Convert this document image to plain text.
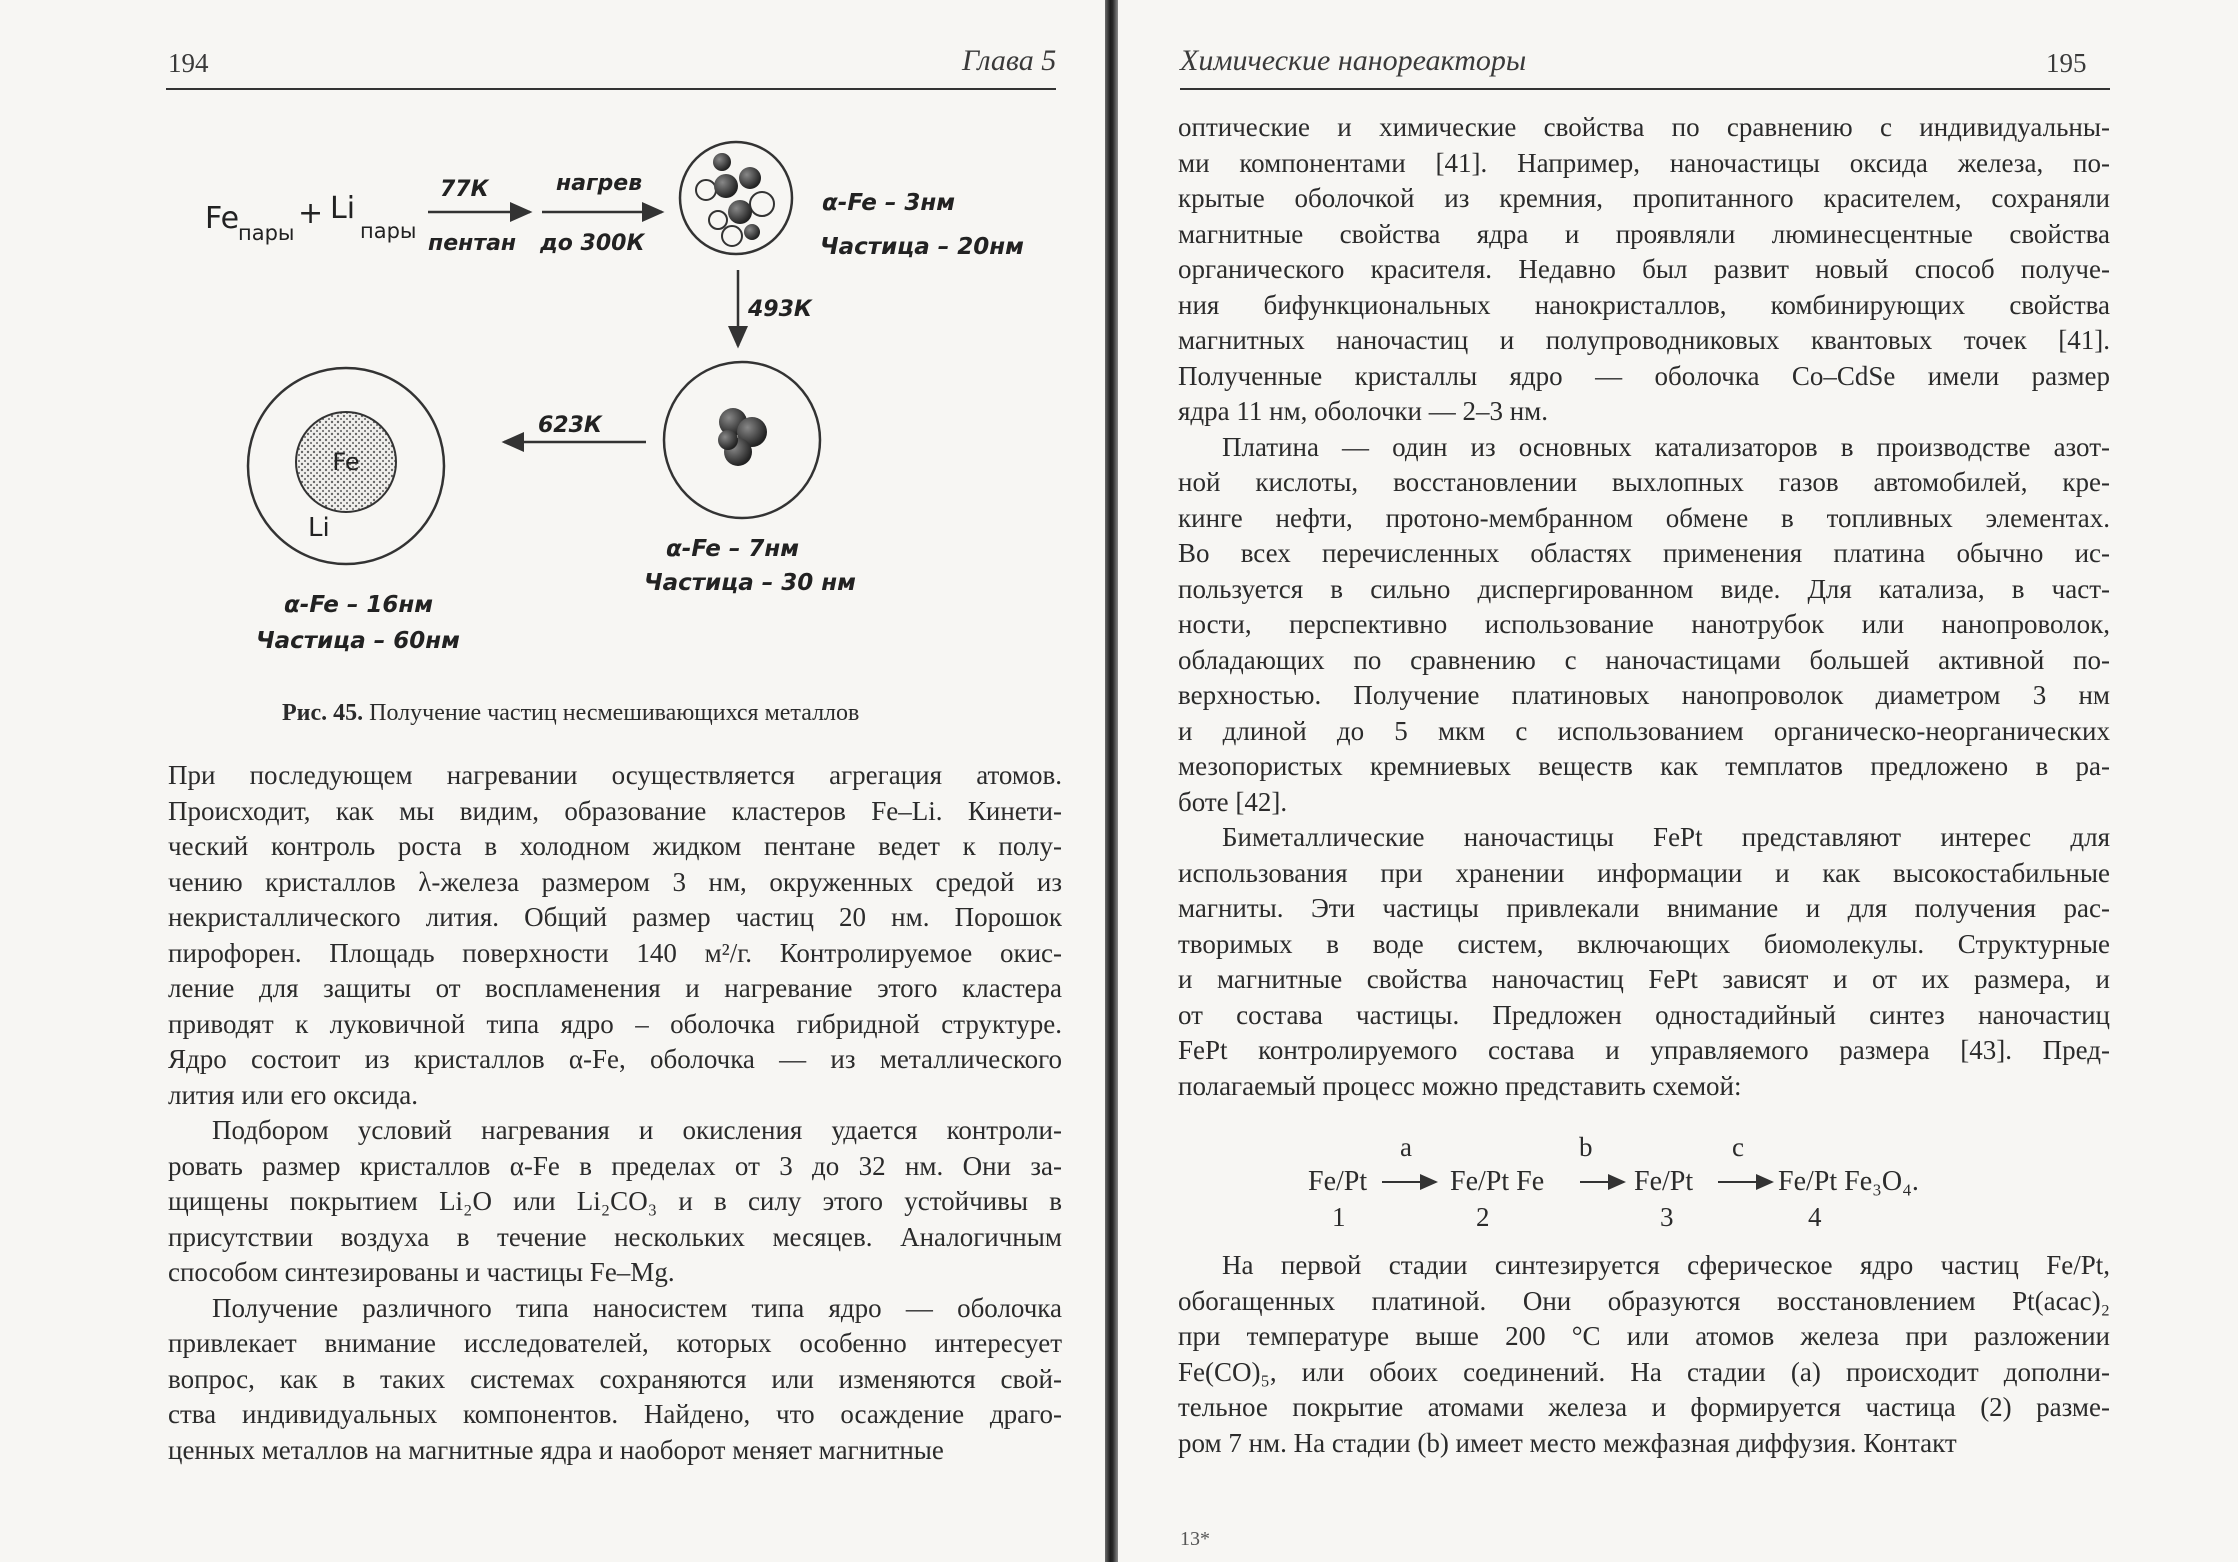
194	Глава 5
Fe
пары
+ Li
пары
77К
пентан
нагрев
до 300К
α-Fe – 3нм
Частица – 20нм
493К
α-Fe – 7нм
Частица – 30 нм
623К
Fe
Li
α-Fe – 16нм
Частица – 60нм
Рис. 45. Получение частиц несмешивающихся металлов
При последующем нагревании осуществляется агрегация атомов.
Происходит, как мы видим, образование кластеров Fe–Li. Кинети-
ческий контроль роста в холодном жидком пентане ведет к полу-
чению кристаллов λ-железа размером 3 нм, окруженных средой из
некристаллического лития. Общий размер частиц 20 нм. Порошок
пирофорен. Площадь поверхности 140 м²/г. Контролируемое окис-
ление для защиты от воспламенения и нагревание этого кластера
приводят к луковичной типа ядро – оболочка гибридной структуре.
Ядро состоит из кристаллов α-Fe, оболочка — из металлического
лития или его оксида.
Подбором условий нагревания и окисления удается контроли-
ровать размер кристаллов α-Fe в пределах от 3 до 32 нм. Они за-
щищены покрытием Li₂O или Li₂CO₃ и в силу этого устойчивы в
присутствии воздуха в течение нескольких месяцев. Аналогичным
способом синтезированы и частицы Fe–Mg.
Получение различного типа наносистем типа ядро — оболочка
привлекает внимание исследователей, которых особенно интересует
вопрос, как в таких системах сохраняются или изменяются свой-
ства индивидуальных компонентов. Найдено, что осаждение драго-
ценных металлов на магнитные ядра и наоборот меняет магнитные
Химические нанореакторы	195
оптические и химические свойства по сравнению с индивидуальны-
ми компонентами [41]. Например, наночастицы оксида железа, по-
крытые оболочкой из кремния, пропитанного красителем, сохраняли
магнитные свойства ядра и проявляли люминесцентные свойства
органического красителя. Недавно был развит новый способ получе-
ния бифункциональных нанокристаллов, комбинирующих свойства
магнитных наночастиц и полупроводниковых квантовых точек [41].
Полученные кристаллы ядро — оболочка Co–CdSe имели размер
ядра 11 нм, оболочки — 2–3 нм.
Платина — один из основных катализаторов в производстве азот-
ной кислоты, восстановлении выхлопных газов автомобилей, кре-
кинге нефти, протоно-мембранном обмене в топливных элементах.
Во всех перечисленных областях применения платина обычно ис-
пользуется в сильно диспергированном виде. Для катализа, в част-
ности, перспективно использование нанотрубок или нанопроволок,
обладающих по сравнению с наночастицами большей активной по-
верхностью. Получение платиновых нанопроволок диаметром 3 нм
и длиной до 5 мкм с использованием органическо-неорганических
мезопористых кремниевых веществ как темплатов предложено в ра-
боте [42].
Биметаллические наночастицы FePt представляют интерес для
использования при хранении информации и как высокостабильные
магниты. Эти частицы привлекали внимание и для получения рас-
творимых в воде систем, включающих биомолекулы. Структурные
и магнитные свойства наночастиц FePt зависят и от их размера, и
от состава частицы. Предложен одностадийный синтез наночастиц
FePt контролируемого состава и управляемого размера [43]. Пред-
полагаемый процесс можно представить схемой:
a	b	c
Fe/Pt	Fe/Pt Fe	Fe/Pt	Fe/Pt Fe₃O₄.
1	2	3	4
На первой стадии синтезируется сферическое ядро частиц Fe/Pt,
обогащенных платиной. Они образуются восстановлением Pt(acac)₂
при температуре выше 200 °С или атомов железа при разложении
Fe(CO)₅, или обоих соединений. На стадии (a) происходит дополни-
тельное покрытие атомами железа и формируется частица (2) разме-
ром 7 нм. На стадии (b) имеет место межфазная диффузия. Контакт
13*
